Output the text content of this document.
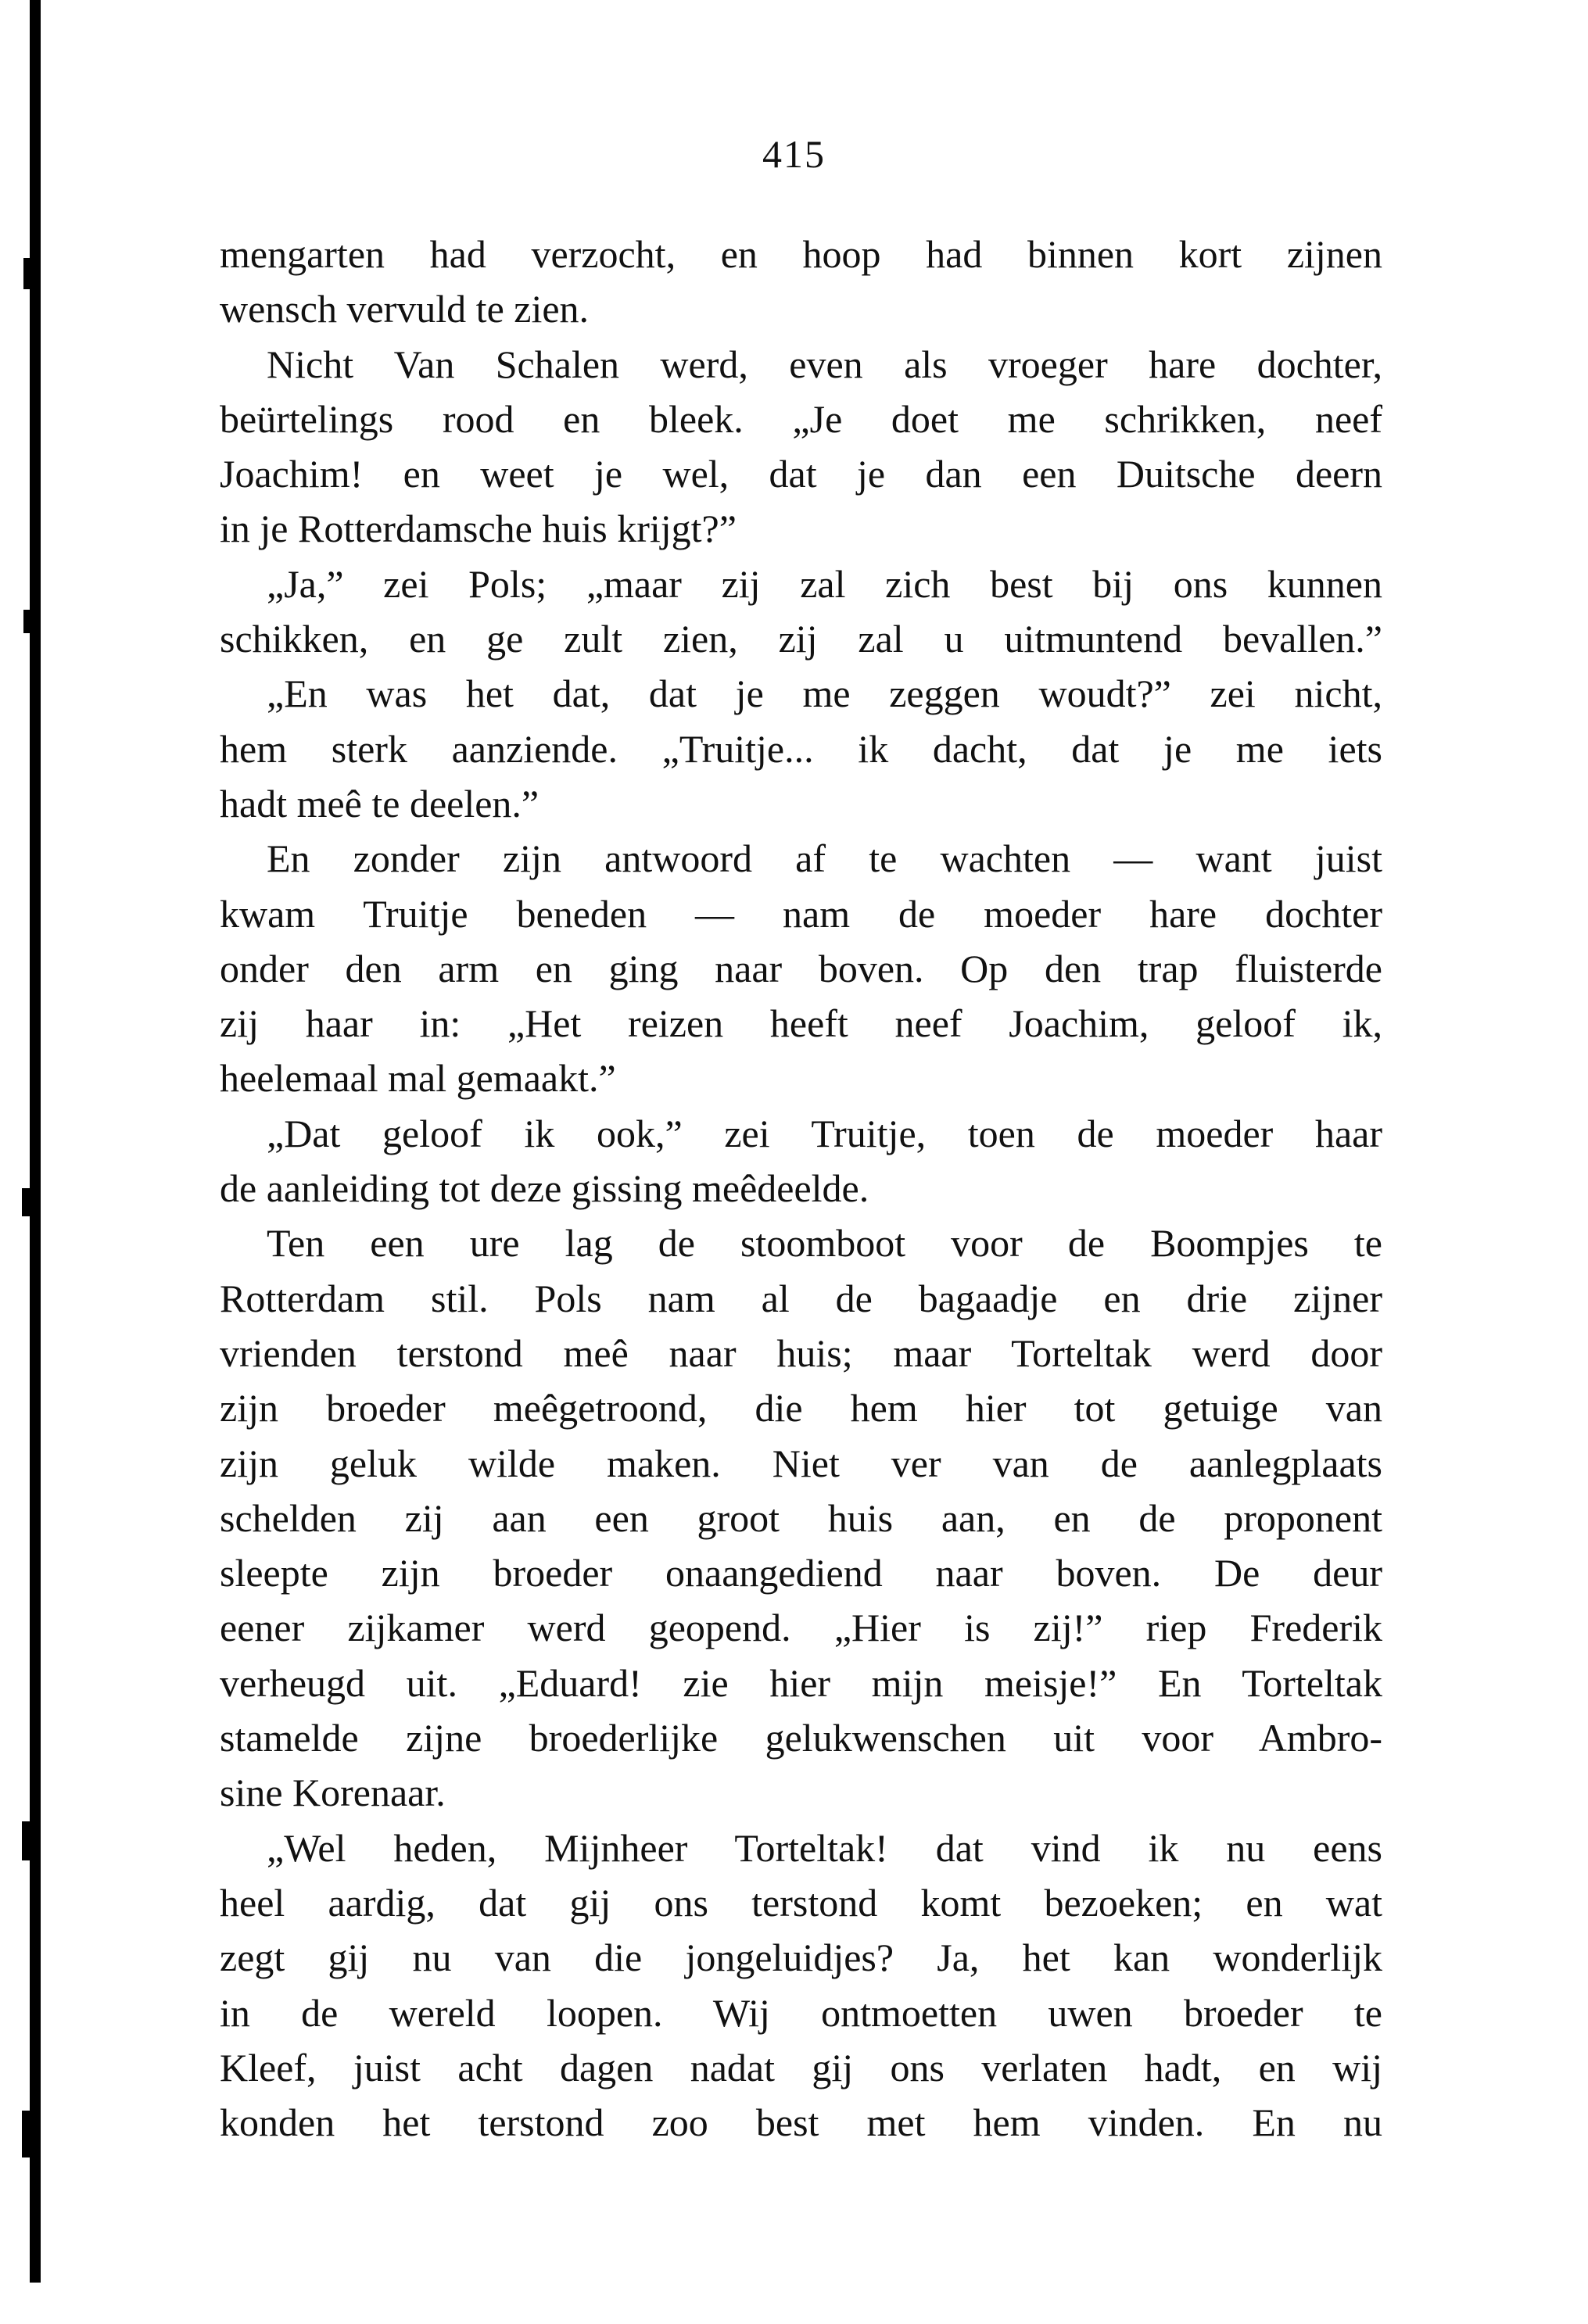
415
mengarten had verzocht, en hoop had binnen kort zijnen
wensch vervuld te zien.
Nicht Van Schalen werd, even als vroeger hare dochter,
beürtelings rood en bleek. „Je doet me schrikken, neef
Joachim! en weet je wel, dat je dan een Duitsche deern
in je Rotterdamsche huis krijgt?”
„Ja,” zei Pols; „maar zij zal zich best bij ons kunnen
schikken, en ge zult zien, zij zal u uitmuntend bevallen.”
„En was het dat, dat je me zeggen woudt?” zei nicht,
hem sterk aanziende. „Truitje... ik dacht, dat je me iets
hadt meê te deelen.”
En zonder zijn antwoord af te wachten — want juist
kwam Truitje beneden — nam de moeder hare dochter
onder den arm en ging naar boven. Op den trap fluisterde
zij haar in: „Het reizen heeft neef Joachim, geloof ik,
heelemaal mal gemaakt.”
„Dat geloof ik ook,” zei Truitje, toen de moeder haar
de aanleiding tot deze gissing meêdeelde.
Ten een ure lag de stoomboot voor de Boompjes te
Rotterdam stil. Pols nam al de bagaadje en drie zijner
vrienden terstond meê naar huis; maar Torteltak werd door
zijn broeder meêgetroond, die hem hier tot getuige van
zijn geluk wilde maken. Niet ver van de aanlegplaats
schelden zij aan een groot huis aan, en de proponent
sleepte zijn broeder onaangediend naar boven. De deur
eener zijkamer werd geopend. „Hier is zij!” riep Frederik
verheugd uit. „Eduard! zie hier mijn meisje!” En Torteltak
stamelde zijne broederlijke gelukwenschen uit voor Ambro-
sine Korenaar.
„Wel heden, Mijnheer Torteltak! dat vind ik nu eens
heel aardig, dat gij ons terstond komt bezoeken; en wat
zegt gij nu van die jongeluidjes? Ja, het kan wonderlijk
in de wereld loopen. Wij ontmoetten uwen broeder te
Kleef, juist acht dagen nadat gij ons verlaten hadt, en wij
konden het terstond zoo best met hem vinden. En nu
